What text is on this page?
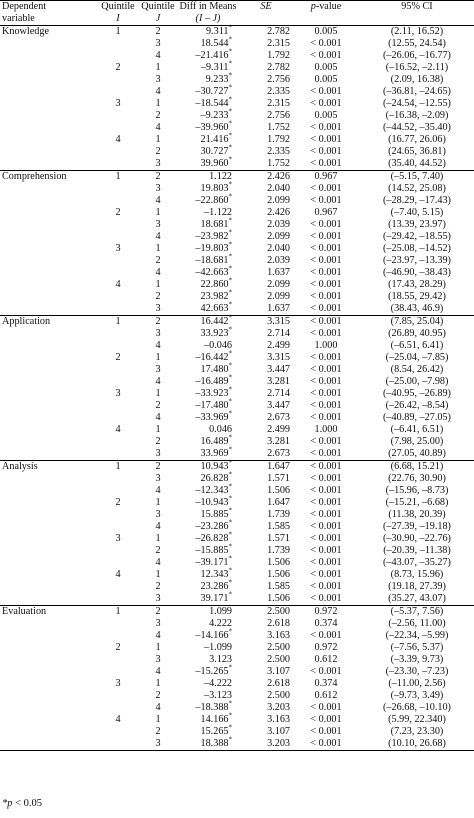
Dependent	Quintile	Quintile	Diff in Means	SE	p-value	95% CI
variable	I	J	(I – J)			
Knowledge	1	2	9.311*	2.782	0.005	(2.11, 16.52)
		3	18.544*	2.315	< 0.001	(12.55, 24.54)
		4	–21.416*	1.792	< 0.001	(–26.06, –16.77)
	2	1	–9.311*	2.782	0.005	(–16.52, –2.11)
		3	9.233*	2.756	0.005	(2.09, 16.38)
		4	–30.727*	2.335	< 0.001	(–36.81, –24.65)
	3	1	–18.544*	2.315	< 0.001	(–24.54, –12.55)
		2	–9.233*	2.756	0.005	(–16.38, –2.09)
		4	–39.960*	1.752	< 0.001	(–44.52, –35.40)
	4	1	21.416*	1.792	< 0.001	(16.77, 26.06)
		2	30.727*	2.335	< 0.001	(24.65, 36.81)
		3	39.960*	1.752	< 0.001	(35.40, 44.52)
Comprehension	1	2	1.122	2.426	0.967	(–5.15, 7.40)
		3	19.803*	2.040	< 0.001	(14.52, 25.08)
		4	–22.860*	2.099	< 0.001	(–28.29, –17.43)
	2	1	–1.122	2.426	0.967	(–7.40, 5.15)
		3	18.681*	2.039	< 0.001	(13.39, 23.97)
		4	–23.982*	2.099	< 0.001	(–29.42, –18.55)
	3	1	–19.803*	2.040	< 0.001	(–25.08, –14.52)
		2	–18.681*	2.039	< 0.001	(–23.97, –13.39)
		4	–42.663*	1.637	< 0.001	(–46.90, –38.43)
	4	1	22.860*	2.099	< 0.001	(17.43, 28.29)
		2	23.982*	2.099	< 0.001	(18.55, 29.42)
		3	42.663*	1.637	< 0.001	(38.43, 46.9)
Application	1	2	16.442*	3.315	< 0.001	(7.85, 25.04)
		3	33.923*	2.714	< 0.001	(26.89, 40.95)
		4	–0.046	2.499	1.000	(–6.51, 6.41)
	2	1	–16.442*	3.315	< 0.001	(–25.04, –7.85)
		3	17.480*	3.447	< 0.001	(8.54, 26.42)
		4	–16.489*	3.281	< 0.001	(–25.00, –7.98)
	3	1	–33.923*	2.714	< 0.001	(–40.95, –26.89)
		2	–17.480*	3.447	< 0.001	(–26.42, –8.54)
		4	–33.969*	2.673	< 0.001	(–40.89, –27.05)
	4	1	0.046	2.499	1.000	(–6.41, 6.51)
		2	16.489*	3.281	< 0.001	(7.98, 25.00)
		3	33.969*	2.673	< 0.001	(27.05, 40.89)
Analysis	1	2	10.943*	1.647	< 0.001	(6.68, 15.21)
		3	26.828*	1.571	< 0.001	(22.76, 30.90)
		4	–12.343*	1.506	< 0.001	(–15.96, –8.73)
	2	1	–10.943*	1.647	< 0.001	(–15.21, –6.68)
		3	15.885*	1.739	< 0.001	(11.38, 20.39)
		4	–23.286*	1.585	< 0.001	(–27.39, –19.18)
	3	1	–26.828*	1.571	< 0.001	(–30.90, –22.76)
		2	–15.885*	1.739	< 0.001	(–20.39, –11.38)
		4	–39.171*	1.506	< 0.001	(–43.07, –35.27)
	4	1	12.343*	1.506	< 0.001	(8.73, 15.96)
		2	23.286*	1.585	< 0.001	(19.18, 27.39)
		3	39.171*	1.506	< 0.001	(35.27, 43.07)
Evaluation	1	2	1.099	2.500	0.972	(–5.37, 7.56)
		3	4.222	2.618	0.374	(–2.56, 11.00)
		4	–14.166*	3.163	< 0.001	(–22.34, –5.99)
	2	1	–1.099	2.500	0.972	(–7.56, 5.37)
		3	3.123	2.500	0.612	(–3.39, 9.73)
		4	–15.265*	3.107	< 0.001	(–23.30, –7.23)
	3	1	–4.222	2.618	0.374	(–11.00, 2.56)
		2	–3.123	2.500	0.612	(–9.73, 3.49)
		4	–18.388*	3.203	< 0.001	(–26.68, –10.10)
	4	1	14.166*	3.163	< 0.001	(5.99, 22.340)
		2	15.265*	3.107	< 0.001	(7.23, 23.30)
		3	18.388*	3.203	< 0.001	(10.10, 26.68)
*p < 0.05
